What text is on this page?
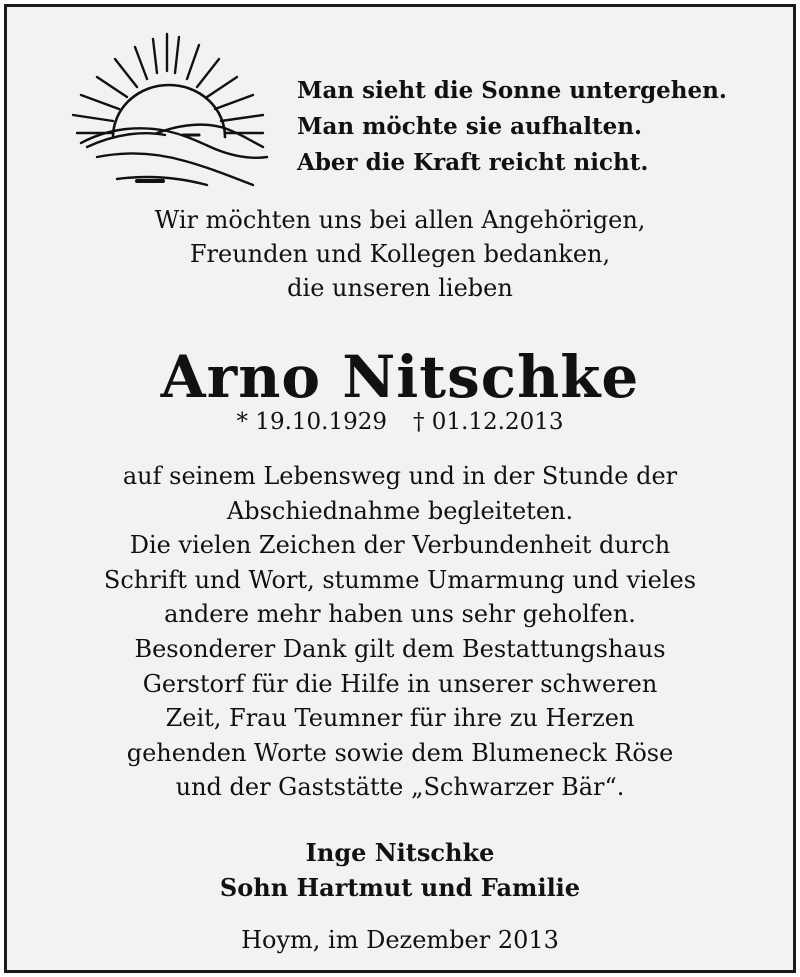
Man sieht die Sonne untergehen.
Man möchte sie aufhalten.
Aber die Kraft reicht nicht.
Wir möchten uns bei allen Angehörigen,
Freunden und Kollegen bedanken,
die unseren lieben
Arno Nitschke
* 19.10.1929 † 01.12.2013
auf seinem Lebensweg und in der Stunde der
Abschiednahme begleiteten.
Die vielen Zeichen der Verbundenheit durch
Schrift und Wort, stumme Umarmung und vieles
andere mehr haben uns sehr geholfen.
Besonderer Dank gilt dem Bestattungshaus
Gerstorf für die Hilfe in unserer schweren
Zeit, Frau Teumner für ihre zu Herzen
gehenden Worte sowie dem Blumeneck Röse
und der Gaststätte „Schwarzer Bär“.
Inge Nitschke
Sohn Hartmut und Familie
Hoym, im Dezember 2013
